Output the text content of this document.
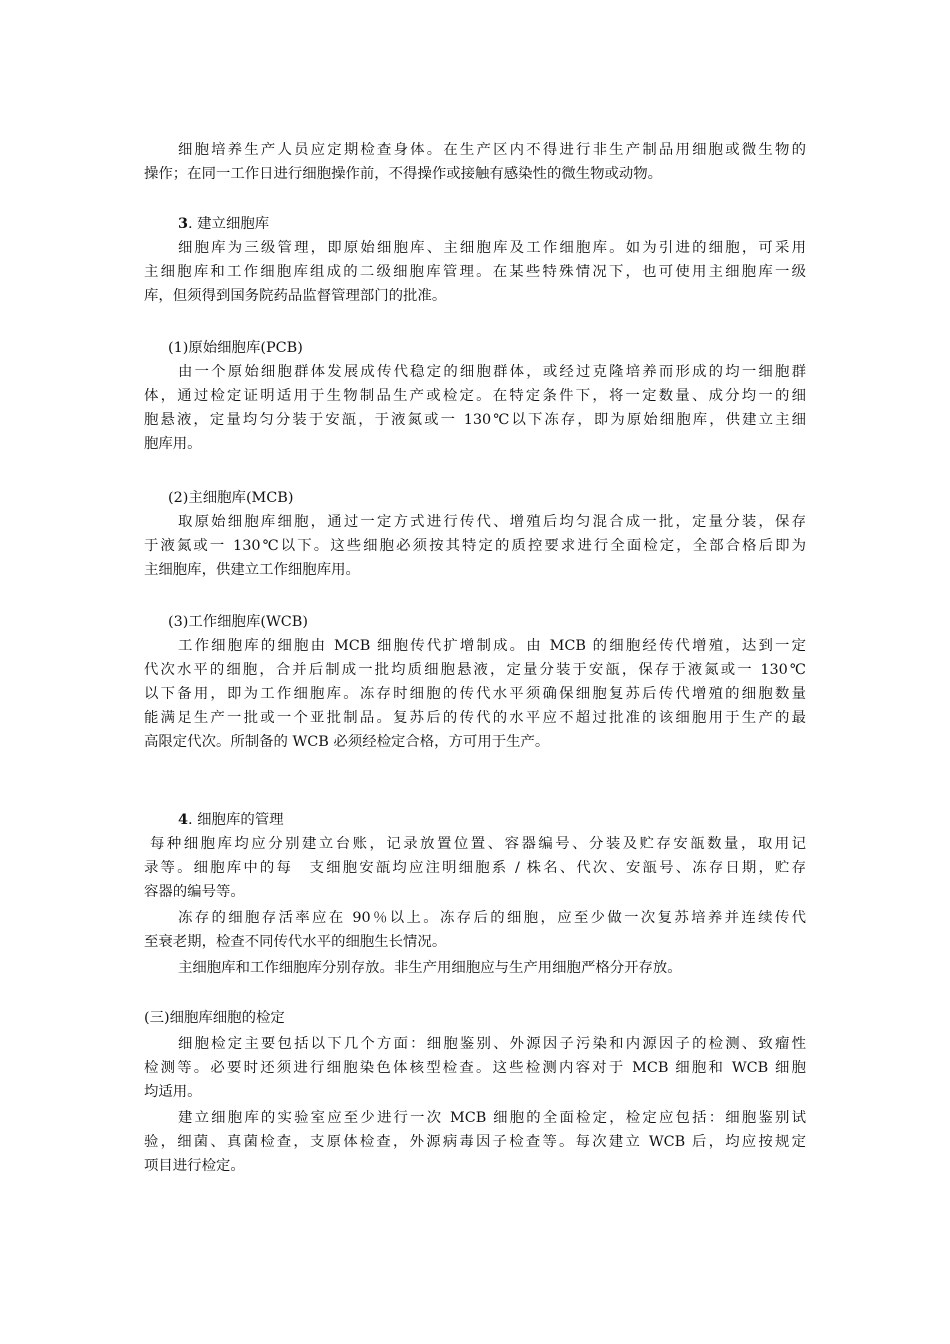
细胞培养生产人员应定期检查身体。在生产区内不得进行非生产制品用细胞或微生物的
操作；在同一工作日进行细胞操作前，不得操作或接触有感染性的微生物或动物。
3. 建立细胞库
细胞库为三级管理，即原始细胞库、主细胞库及工作细胞库。如为引进的细胞，可采用
主细胞库和工作细胞库组成的二级细胞库管理。在某些特殊情况下，也可使用主细胞库一级
库，但须得到国务院药品监督管理部门的批准。
(1)原始细胞库(PCB)
由一个原始细胞群体发展成传代稳定的细胞群体，或经过克隆培养而形成的均一细胞群
体，通过检定证明适用于生物制品生产或检定。在特定条件下，将一定数量、成分均一的细
胞悬液，定量均匀分装于安瓿，于液氮或一 130℃以下冻存，即为原始细胞库，供建立主细
胞库用。
(2)主细胞库(MCB)
取原始细胞库细胞，通过一定方式进行传代、增殖后均匀混合成一批，定量分装，保存
于液氮或一 130℃以下。这些细胞必须按其特定的质控要求进行全面检定，全部合格后即为
主细胞库，供建立工作细胞库用。
(3)工作细胞库(WCB)
工作细胞库的细胞由 MCB 细胞传代扩增制成。由 MCB 的细胞经传代增殖，达到一定
代次水平的细胞，合并后制成一批均质细胞悬液，定量分装于安瓿，保存于液氮或一 130℃
以下备用，即为工作细胞库。冻存时细胞的传代水平须确保细胞复苏后传代增殖的细胞数量
能满足生产一批或一个亚批制品。复苏后的传代的水平应不超过批准的该细胞用于生产的最
高限定代次。所制备的 WCB 必须经检定合格，方可用于生产。
4. 细胞库的管理
每种细胞库均应分别建立台账，记录放置位置、容器编号、分装及贮存安瓿数量，取用记
录等。细胞库中的每　支细胞安瓿均应注明细胞系 / 株名、代次、安瓿号、冻存日期，贮存
容器的编号等。
冻存的细胞存活率应在 90％以上。冻存后的细胞，应至少做一次复苏培养并连续传代
至衰老期，检查不同传代水平的细胞生长情况。
主细胞库和工作细胞库分别存放。非生产用细胞应与生产用细胞严格分开存放。
(三)细胞库细胞的检定
细胞检定主要包括以下几个方面：细胞鉴别、外源因子污染和内源因子的检测、致瘤性
检测等。必要时还须进行细胞染色体核型检查。这些检测内容对于 MCB 细胞和 WCB 细胞
均适用。
建立细胞库的实验室应至少进行一次 MCB 细胞的全面检定，检定应包括：细胞鉴别试
验，细菌、真菌检查，支原体检查，外源病毒因子检查等。每次建立 WCB 后，均应按规定
项目进行检定。
